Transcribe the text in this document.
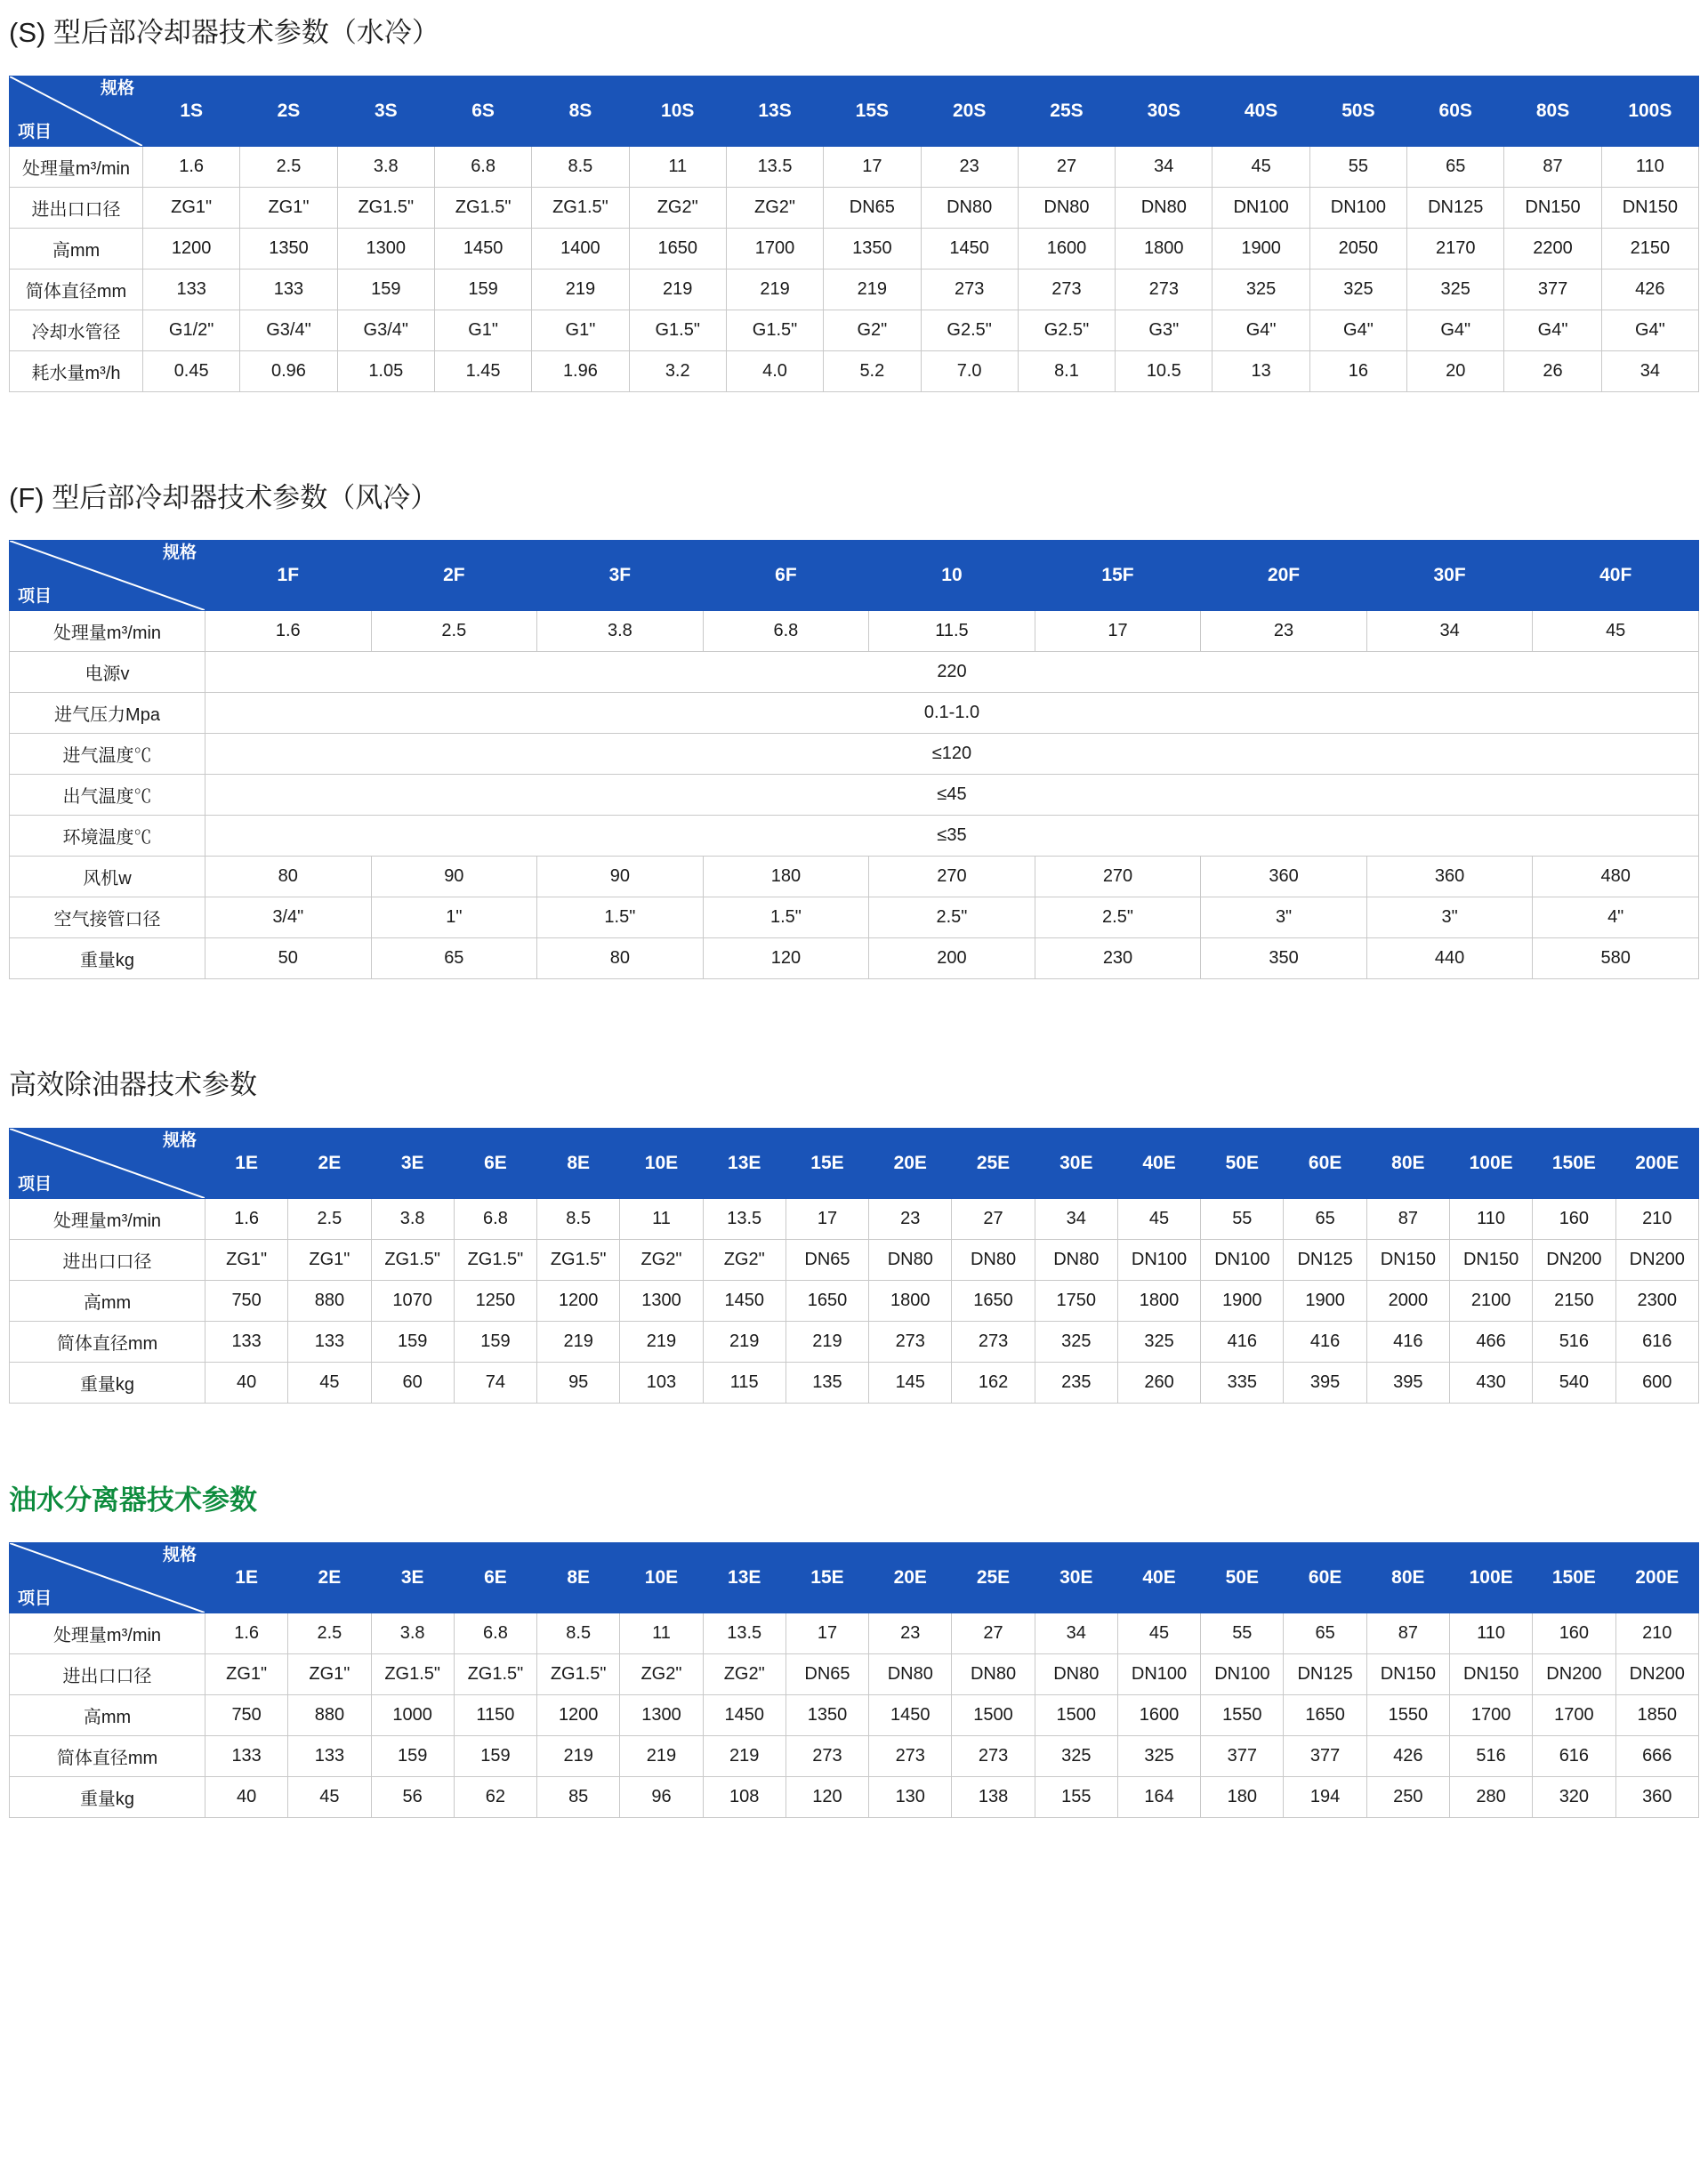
(S) 型后部冷却器技术参数（水冷）
规格
项目	1S	2S	3S	6S	8S	10S	13S	15S	20S	25S	30S	40S	50S	60S	80S	100S
处理量m³/min	1.6	2.5	3.8	6.8	8.5	11	13.5	17	23	27	34	45	55	65	87	110
进出口口径	ZG1"	ZG1"	ZG1.5"	ZG1.5"	ZG1.5"	ZG2"	ZG2"	DN65	DN80	DN80	DN80	DN100	DN100	DN125	DN150	DN150
高mm	1200	1350	1300	1450	1400	1650	1700	1350	1450	1600	1800	1900	2050	2170	2200	2150
简体直径mm	133	133	159	159	219	219	219	219	273	273	273	325	325	325	377	426
冷却水管径	G1/2"	G3/4"	G3/4"	G1"	G1"	G1.5"	G1.5"	G2"	G2.5"	G2.5"	G3"	G4"	G4"	G4"	G4"	G4"
耗水量m³/h	0.45	0.96	1.05	1.45	1.96	3.2	4.0	5.2	7.0	8.1	10.5	13	16	20	26	34
(F) 型后部冷却器技术参数（风冷）
规格
项目	1F	2F	3F	6F	10	15F	20F	30F	40F
处理量m³/min	1.6	2.5	3.8	6.8	11.5	17	23	34	45
电源v	220								
进气压力Mpa	0.1-1.0								
进气温度℃	≤120								
出气温度℃	≤45								
环境温度℃	≤35								
风机w	80	90	90	180	270	270	360	360	480
空气接管口径	3/4"	1"	1.5"	1.5"	2.5"	2.5"	3"	3"	4"
重量kg	50	65	80	120	200	230	350	440	580
高效除油器技术参数
规格
项目	1E	2E	3E	6E	8E	10E	13E	15E	20E	25E	30E	40E	50E	60E	80E	100E	150E	200E
处理量m³/min	1.6	2.5	3.8	6.8	8.5	11	13.5	17	23	27	34	45	55	65	87	110	160	210
进出口口径	ZG1"	ZG1"	ZG1.5"	ZG1.5"	ZG1.5"	ZG2"	ZG2"	DN65	DN80	DN80	DN80	DN100	DN100	DN125	DN150	DN150	DN200	DN200
高mm	750	880	1070	1250	1200	1300	1450	1650	1800	1650	1750	1800	1900	1900	2000	2100	2150	2300
简体直径mm	133	133	159	159	219	219	219	219	273	273	325	325	416	416	416	466	516	616
重量kg	40	45	60	74	95	103	115	135	145	162	235	260	335	395	395	430	540	600
油水分离器技术参数
规格
项目	1E	2E	3E	6E	8E	10E	13E	15E	20E	25E	30E	40E	50E	60E	80E	100E	150E	200E
处理量m³/min	1.6	2.5	3.8	6.8	8.5	11	13.5	17	23	27	34	45	55	65	87	110	160	210
进出口口径	ZG1"	ZG1"	ZG1.5"	ZG1.5"	ZG1.5"	ZG2"	ZG2"	DN65	DN80	DN80	DN80	DN100	DN100	DN125	DN150	DN150	DN200	DN200
高mm	750	880	1000	1150	1200	1300	1450	1350	1450	1500	1500	1600	1550	1650	1550	1700	1700	1850
简体直径mm	133	133	159	159	219	219	219	273	273	273	325	325	377	377	426	516	616	666
重量kg	40	45	56	62	85	96	108	120	130	138	155	164	180	194	250	280	320	360
